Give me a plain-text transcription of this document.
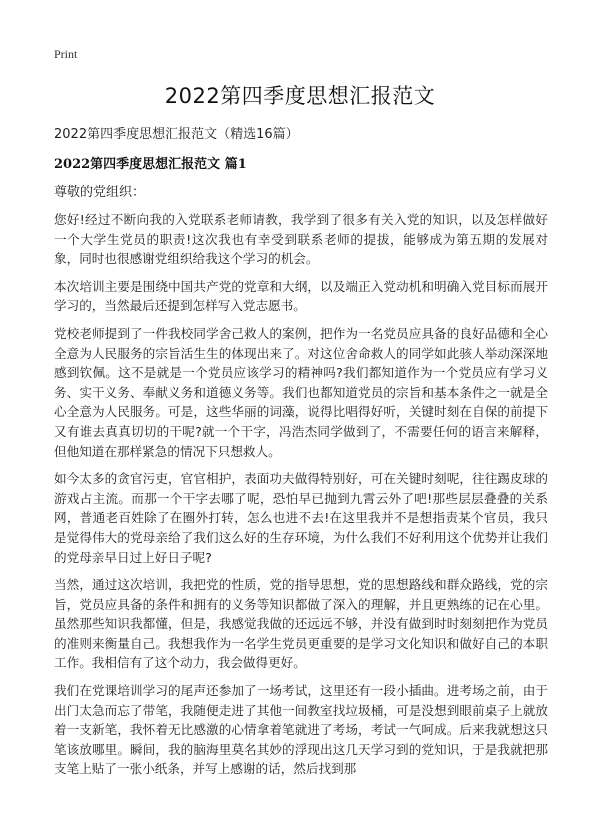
Print
2022第四季度思想汇报范文
2022第四季度思想汇报范文（精选16篇）
2022第四季度思想汇报范文 篇1
尊敬的党组织：

您好!经过不断向我的入党联系老师请教，我学到了很多有关入党的知识，以及怎样做好一个大学生党员的职责!这次我也有幸受到联系老师的提拔，能够成为第五期的发展对象，同时也很感谢党组织给我这个学习的机会。

本次培训主要是围绕中国共产党的党章和大纲，以及端正入党动机和明确入党目标而展开学习的，当然最后还提到怎样写入党志愿书。

党校老师提到了一件我校同学舍己救人的案例，把作为一名党员应具备的良好品德和全心全意为人民服务的宗旨活生生的体现出来了。对这位舍命救人的同学如此骇人举动深深地感到钦佩。这不是就是一个党员应该学习的精神吗?我们都知道作为一个党员应有学习义务、实干义务、奉献义务和道德义务等。我们也都知道党员的宗旨和基本条件之一就是全心全意为人民服务。可是，这些华丽的词藻，说得比唱得好听，关键时刻在自保的前提下又有谁去真真切切的干呢?就一个干字，冯浩杰同学做到了，不需要任何的语言来解释，但他知道在那样紧急的情况下只想救人。

如今太多的贪官污吏，官官相护，表面功夫做得特别好，可在关键时刻呢，往往踢皮球的游戏占主流。而那一个干字去哪了呢，恐怕早已抛到九霄云外了吧!那些层层叠叠的关系网，普通老百姓除了在圈外打转，怎么也进不去!在这里我并不是想指责某个官员，我只是觉得伟大的党母亲给了我们这么好的生存环境，为什么我们不好利用这个优势并让我们的党母亲早日过上好日子呢?

当然，通过这次培训，我把党的性质，党的指导思想，党的思想路线和群众路线，党的宗旨，党员应具备的条件和拥有的义务等知识都做了深入的理解，并且更熟练的记在心里。虽然那些知识我都懂，但是，我感觉我做的还远远不够，并没有做到时时刻刻把作为党员的准则来衡量自己。我想我作为一名学生党员更重要的是学习文化知识和做好自己的本职工作。我相信有了这个动力，我会做得更好。

我们在党课培训学习的尾声还参加了一场考试，这里还有一段小插曲。进考场之前，由于出门太急而忘了带笔，我随便走进了其他一间教室找垃圾桶，可是没想到眼前桌子上就放着一支新笔，我怀着无比感激的心情拿着笔就进了考场，考试一气呵成。后来我就想这只笔该放哪里。瞬间，我的脑海里莫名其妙的浮现出这几天学习到的党知识，于是我就把那支笔上贴了一张小纸条，并写上感谢的话，然后找到那
